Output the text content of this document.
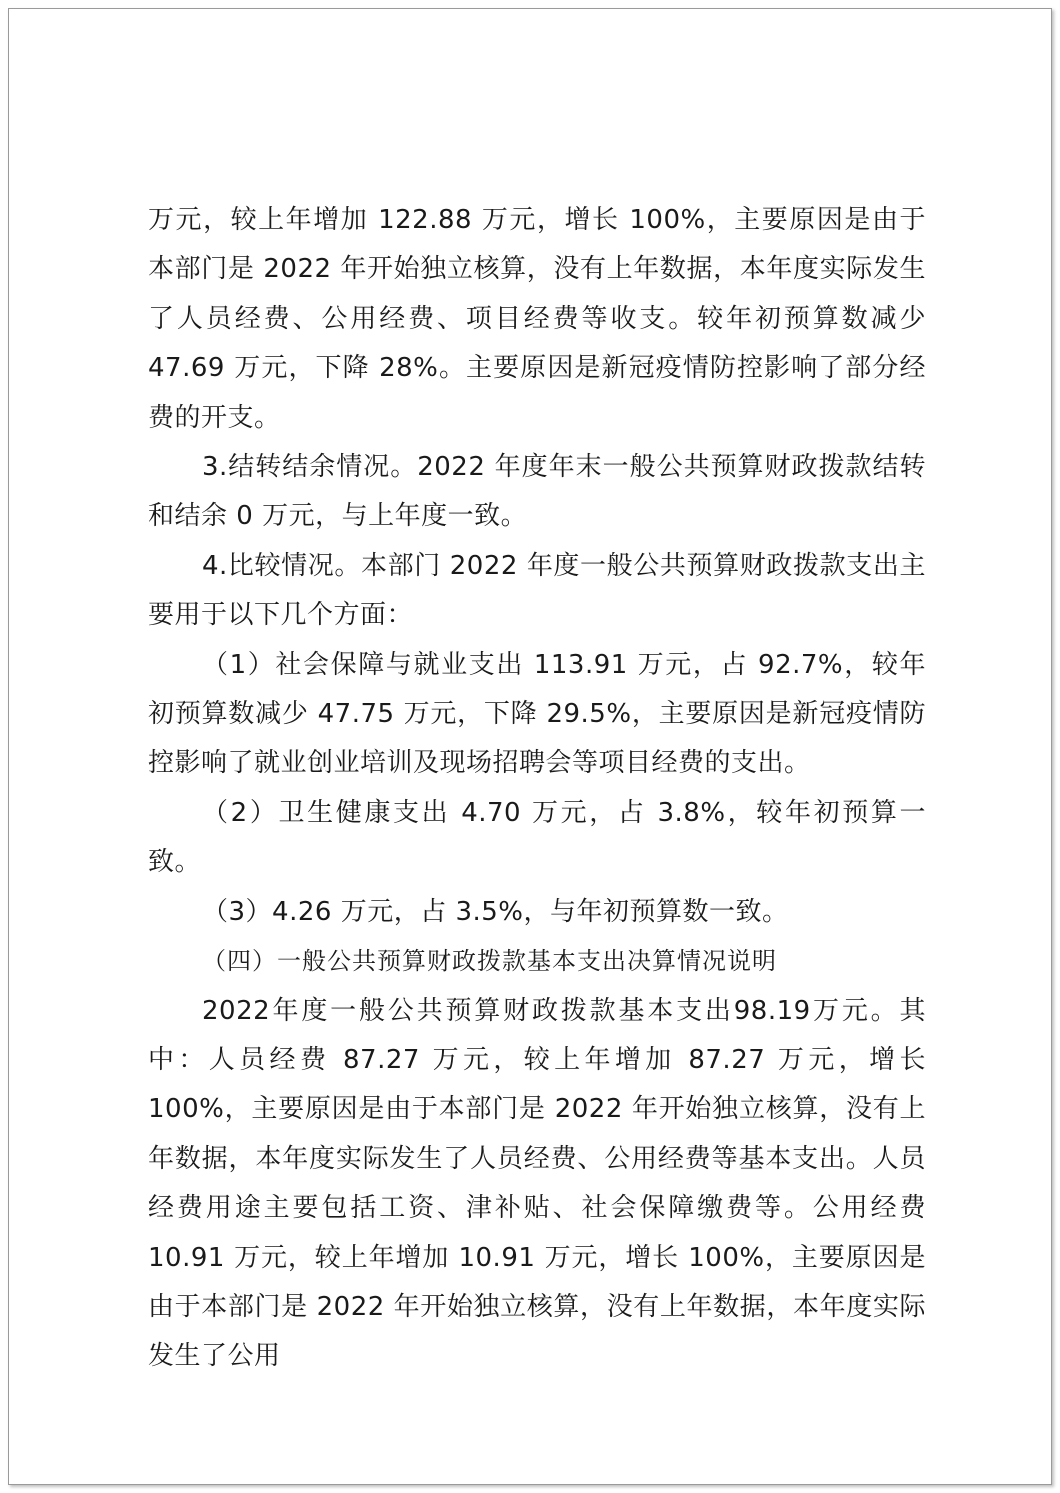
万元，较上年增加 122.88 万元，增长 100%，主要原因是由于本部门是 2022 年开始独立核算，没有上年数据，本年度实际发生了人员经费、公用经费、项目经费等收支。较年初预算数减少 47.69 万元，下降 28%。主要原因是新冠疫情防控影响了部分经费的开支。

3.结转结余情况。2022 年度年末一般公共预算财政拨款结转和结余 0 万元，与上年度一致。

4.比较情况。本部门 2022 年度一般公共预算财政拨款支出主要用于以下几个方面：

（1）社会保障与就业支出 113.91 万元，占 92.7%，较年初预算数减少 47.75 万元，下降 29.5%，主要原因是新冠疫情防控影响了就业创业培训及现场招聘会等项目经费的支出。

（2）卫生健康支出 4.70 万元，占 3.8%，较年初预算一致。

（3）4.26 万元，占 3.5%，与年初预算数一致。

（四）一般公共预算财政拨款基本支出决算情况说明

2022年度一般公共预算财政拨款基本支出98.19万元。其中：人员经费 87.27 万元，较上年增加 87.27 万元，增长 100%，主要原因是由于本部门是 2022 年开始独立核算，没有上年数据，本年度实际发生了人员经费、公用经费等基本支出。人员经费用途主要包括工资、津补贴、社会保障缴费等。公用经费 10.91 万元，较上年增加 10.91 万元，增长 100%，主要原因是由于本部门是 2022 年开始独立核算，没有上年数据，本年度实际发生了公用
